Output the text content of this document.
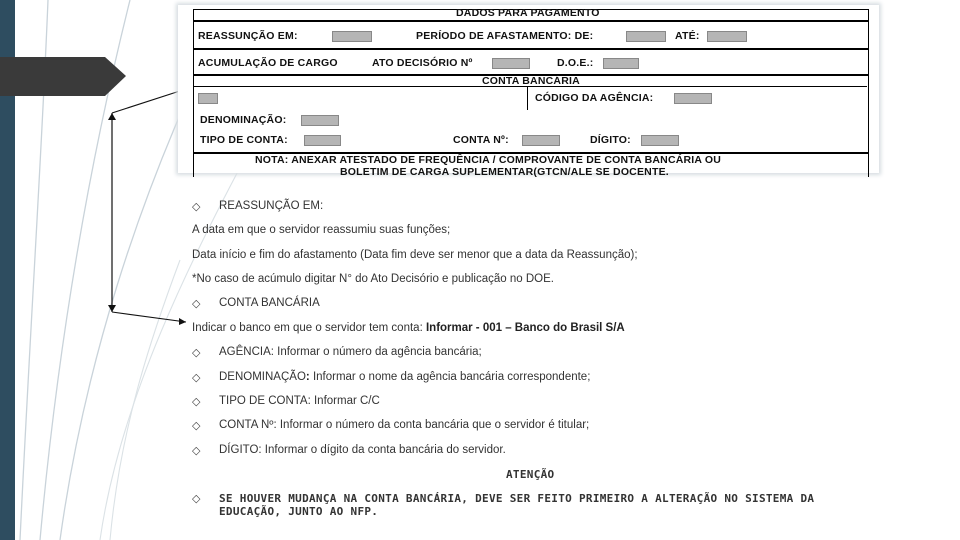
DADOS PARA PAGAMENTO
REASSUNÇÃO EM:	PERÍODO DE AFASTAMENTO: DE:	ATÉ:
ACUMULAÇÃO DE CARGO	ATO DECISÓRIO Nº	D.O.E.:
CONTA BANCÁRIA
CÓDIGO DA AGÊNCIA:
DENOMINAÇÃO:
TIPO DE CONTA:	CONTA Nº:	DÍGITO:
NOTA: ANEXAR ATESTADO DE FREQUÊNCIA / COMPROVANTE DE CONTA BANCÁRIA OU
BOLETIM DE CARGA SUPLEMENTAR(GTCN/ALE SE DOCENTE.
◇ REASSUNÇÃO EM:
A data em que o servidor reassumiu suas funções;
Data início e fim do afastamento (Data fim deve ser menor que a data da Reassunção);
*No caso de acúmulo digitar N° do Ato Decisório e publicação no DOE.
◇ CONTA BANCÁRIA
Indicar o banco em que o servidor tem conta: Informar - 001 – Banco do Brasil S/A
◇ AGÊNCIA: Informar o número da agência bancária;
◇ DENOMINAÇÃO: Informar o nome da agência bancária correspondente;
◇ TIPO DE CONTA: Informar C/C
◇ CONTA Nº: Informar o número da conta bancária que o servidor é titular;
◇ DÍGITO: Informar o dígito da conta bancária do servidor.
ATENÇÃO
◇ SE HOUVER MUDANÇA NA CONTA BANCÁRIA, DEVE SER FEITO PRIMEIRO A ALTERAÇÃO NO SISTEMA DA
EDUCAÇÃO, JUNTO AO NFP.
